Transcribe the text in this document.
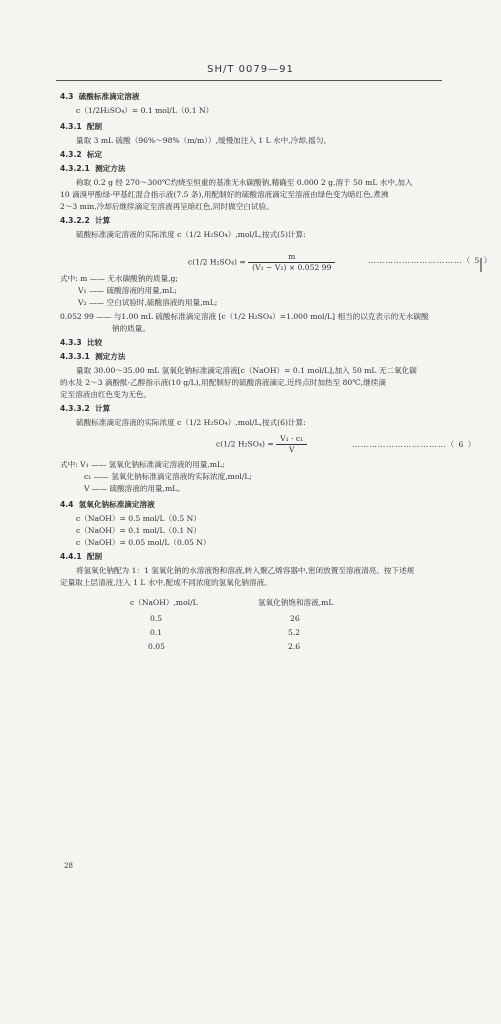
SH/T 0079—91
4.3 硫酸标准滴定溶液
c（1/2H₂SO₄）= 0.1 mol/L（0.1 N）
4.3.1 配制
量取 3 mL 硫酸（96%～98%（m/m））,缓慢加注入 1 L 水中,冷却,摇匀。
4.3.2 标定
4.3.2.1 测定方法
称取 0.2 g 经 270～300℃灼烧至恒重的基准无水碳酸钠,精确至 0.000 2 g,溶于 50 mL 水中,加入
10 滴溴甲酚绿-甲基红混合指示液(7.5 条),用配制好的硫酸溶液滴定至溶液由绿色变为暗红色,煮沸
2～3 min,冷却后继续滴定至溶液再呈暗红色,同时做空白试验。
4.3.2.2 计算
硫酸标准滴定溶液的实际浓度 c（1/2 H₂SO₄）,mol/L,按式(5)计算:
c(1/2 $H_2SO_4) = \frac{m}{\text{(V₁ − V₂) × 0.052 99}}$	……………………………（ 5 ）
式中: m —— 无水碳酸钠的质量,g;
V₁ —— 硫酸溶液的用量,mL;
V₂ —— 空白试验时,硫酸溶液的用量,mL;
0.052 99 —— 与1.00 mL 硫酸标准滴定溶液 [c（1/2 H₂SO₄）=1.000 mol/L] 相当的以克表示的无水碳酸
钠的质量。
4.3.3 比较
4.3.3.1 测定方法
量取 30.00～35.00 mL 氢氧化钠标准滴定溶液[c（NaOH）= 0.1 mol/L],加入 50 mL 无二氧化碳
的水及 2～3 滴酚酞-乙醇指示液(10 g/L),用配制好的硫酸溶液滴定,近终点时加热至 80℃,继续滴
定至溶液由红色变为无色。
4.3.3.2 计算
硫酸标准滴定溶液的实际浓度 c（1/2 H₂SO₄）,mol/L,按式(6)计算:
c(1/2 $H_2SO_4) = \frac{\text{V₁ · c₁}}{V}$	……………………………（ 6 ）
式中: V₁ —— 氢氧化钠标准滴定溶液的用量,mL;
c₁ —— 氢氧化钠标准滴定溶液的实际浓度,mol/L;
V —— 硫酸溶液的用量,mL。
4.4 氢氧化钠标准滴定溶液
c（NaOH）= 0.5 mol/L（0.5 N）
c（NaOH）= 0.1 mol/L（0.1 N）
c（NaOH）= 0.05 mol/L（0.05 N）
4.4.1 配制
将氢氧化钠配为 1：1 氢氧化钠的水溶液饱和溶液,转入聚乙烯容器中,密闭放置至溶液清亮。按下述规
定量取上层清液,注入 1 L 水中,配成不同浓度的氢氧化钠溶液。
c（NaOH）,mol/L	氢氧化钠饱和溶液,mL
0.5	26
0.1	5.2
0.05	2.6
28
